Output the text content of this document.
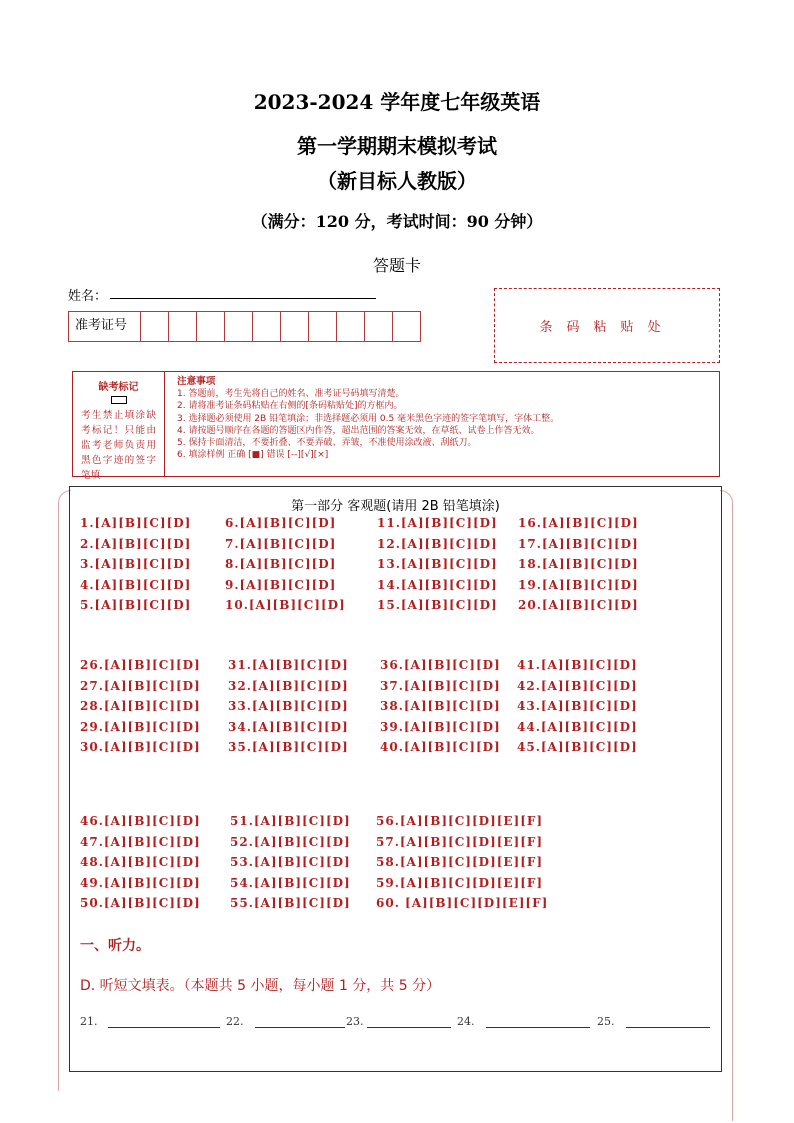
2023-2024 学年度七年级英语
第一学期期末模拟考试
（新目标人教版）
（满分：120 分，考试时间：90 分钟）
答题卡
姓名：
准考证号	条码粘贴处
缺考标记
考生禁止填涂缺考标记！只能由监考老师负责用黑色字迹的签字笔填
注意事项
1. 答题前，考生先将自己的姓名、准考证号码填写清楚。
2. 请将准考证条码粘贴在右侧的[条码粘贴处]的方框内。
3. 选择题必须使用 2B 铅笔填涂；非选择题必须用 0.5 毫米黑色字迹的签字笔填写，字体工整。
4. 请按题号顺序在各题的答题区内作答，超出范围的答案无效，在草纸、试卷上作答无效。
5. 保持卡面清洁，不要折叠、不要弄破、弄皱，不准使用涂改液、刮纸刀。
6. 填涂样例 正确 [■] 错误 [--][√][×]
第一部分 客观题(请用 2B 铅笔填涂)
1.[A][B][C][D]	6.[A][B][C][D]	11.[A][B][C][D] 16.[A][B][C][D]
2.[A][B][C][D]	7.[A][B][C][D]	12.[A][B][C][D] 17.[A][B][C][D]
3.[A][B][C][D]	8.[A][B][C][D]	13.[A][B][C][D] 18.[A][B][C][D]
4.[A][B][C][D]	9.[A][B][C][D]	14.[A][B][C][D] 19.[A][B][C][D]
5.[A][B][C][D]	10.[A][B][C][D]	15.[A][B][C][D] 20.[A][B][C][D]
26.[A][B][C][D] 31.[A][B][C][D]	36.[A][B][C][D] 41.[A][B][C][D]
27.[A][B][C][D] 32.[A][B][C][D]	37.[A][B][C][D] 42.[A][B][C][D]
28.[A][B][C][D] 33.[A][B][C][D]	38.[A][B][C][D] 43.[A][B][C][D]
29.[A][B][C][D] 34.[A][B][C][D]	39.[A][B][C][D] 44.[A][B][C][D]
30.[A][B][C][D] 35.[A][B][C][D]	40.[A][B][C][D] 45.[A][B][C][D]
46.[A][B][C][D] 51.[A][B][C][D] 56.[A][B][C][D][E][F]
47.[A][B][C][D] 52.[A][B][C][D] 57.[A][B][C][D][E][F]
48.[A][B][C][D] 53.[A][B][C][D] 58.[A][B][C][D][E][F]
49.[A][B][C][D] 54.[A][B][C][D] 59.[A][B][C][D][E][F]
50.[A][B][C][D] 55.[A][B][C][D] 60. [A][B][C][D][E][F]
一、听力。
D. 听短文填表。（本题共 5 小题，每小题 1 分，共 5 分）
21.	22.	23.	24.	25.
